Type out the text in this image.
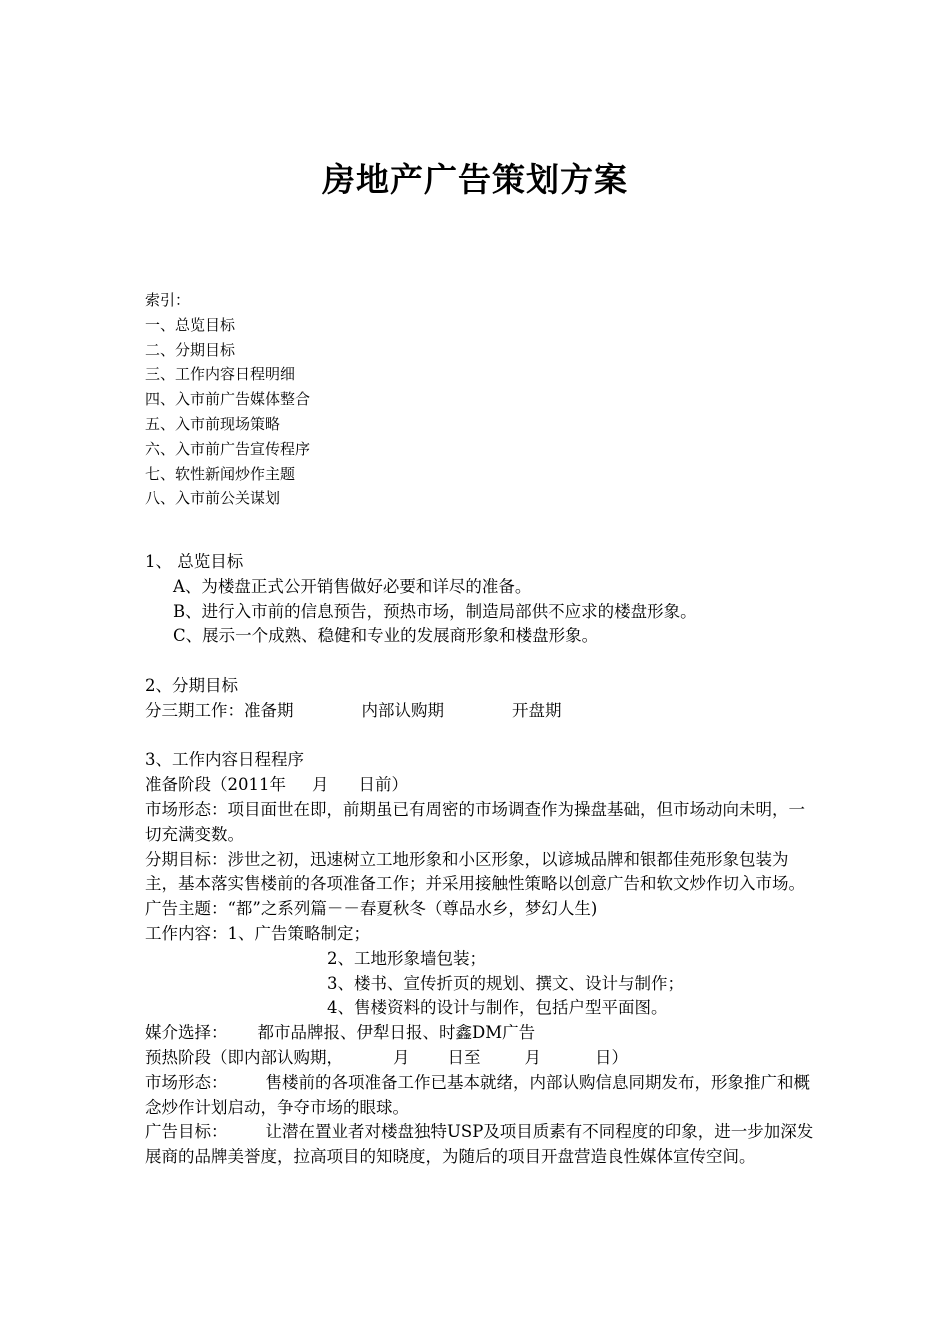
房地产广告策划方案
索引：
一、总览目标
二、分期目标
三、工作内容日程明细
四、入市前广告媒体整合
五、入市前现场策略
六、入市前广告宣传程序
七、软性新闻炒作主题
八、入市前公关谋划
1、 总览目标
A、为楼盘正式公开销售做好必要和详尽的准备。
B、进行入市前的信息预告，预热市场，制造局部供不应求的楼盘形象。
C、展示一个成熟、稳健和专业的发展商形象和楼盘形象。
2、分期目标
分三期工作：准备期	内部认购期	开盘期
3、工作内容日程程序
准备阶段（2011年 月 日前）
市场形态：项目面世在即，前期虽已有周密的市场调查作为操盘基础，但市场动向未明，一切充满变数。
分期目标：涉世之初，迅速树立工地形象和小区形象，以谚城品牌和银都佳苑形象包装为主，基本落实售楼前的各项准备工作；并采用接触性策略以创意广告和软文炒作切入市场。
广告主题：“都”之系列篇－－春夏秋冬（尊品水乡，梦幻人生)
工作内容：1、广告策略制定；
2、工地形象墙包装；
3、楼书、宣传折页的规划、撰文、设计与制作；
4、售楼资料的设计与制作，包括户型平面图。
媒介选择： 都市品牌报、伊犁日报、时鑫DM广告
预热阶段（即内部认购期，	月 日至	月	日）
市场形态： 售楼前的各项准备工作已基本就绪，内部认购信息同期发布，形象推广和概念炒作计划启动，争夺市场的眼球。
广告目标： 让潜在置业者对楼盘独特USP及项目质素有不同程度的印象，进一步加深发展商的品牌美誉度，拉高项目的知晓度，为随后的项目开盘营造良性媒体宣传空间。
